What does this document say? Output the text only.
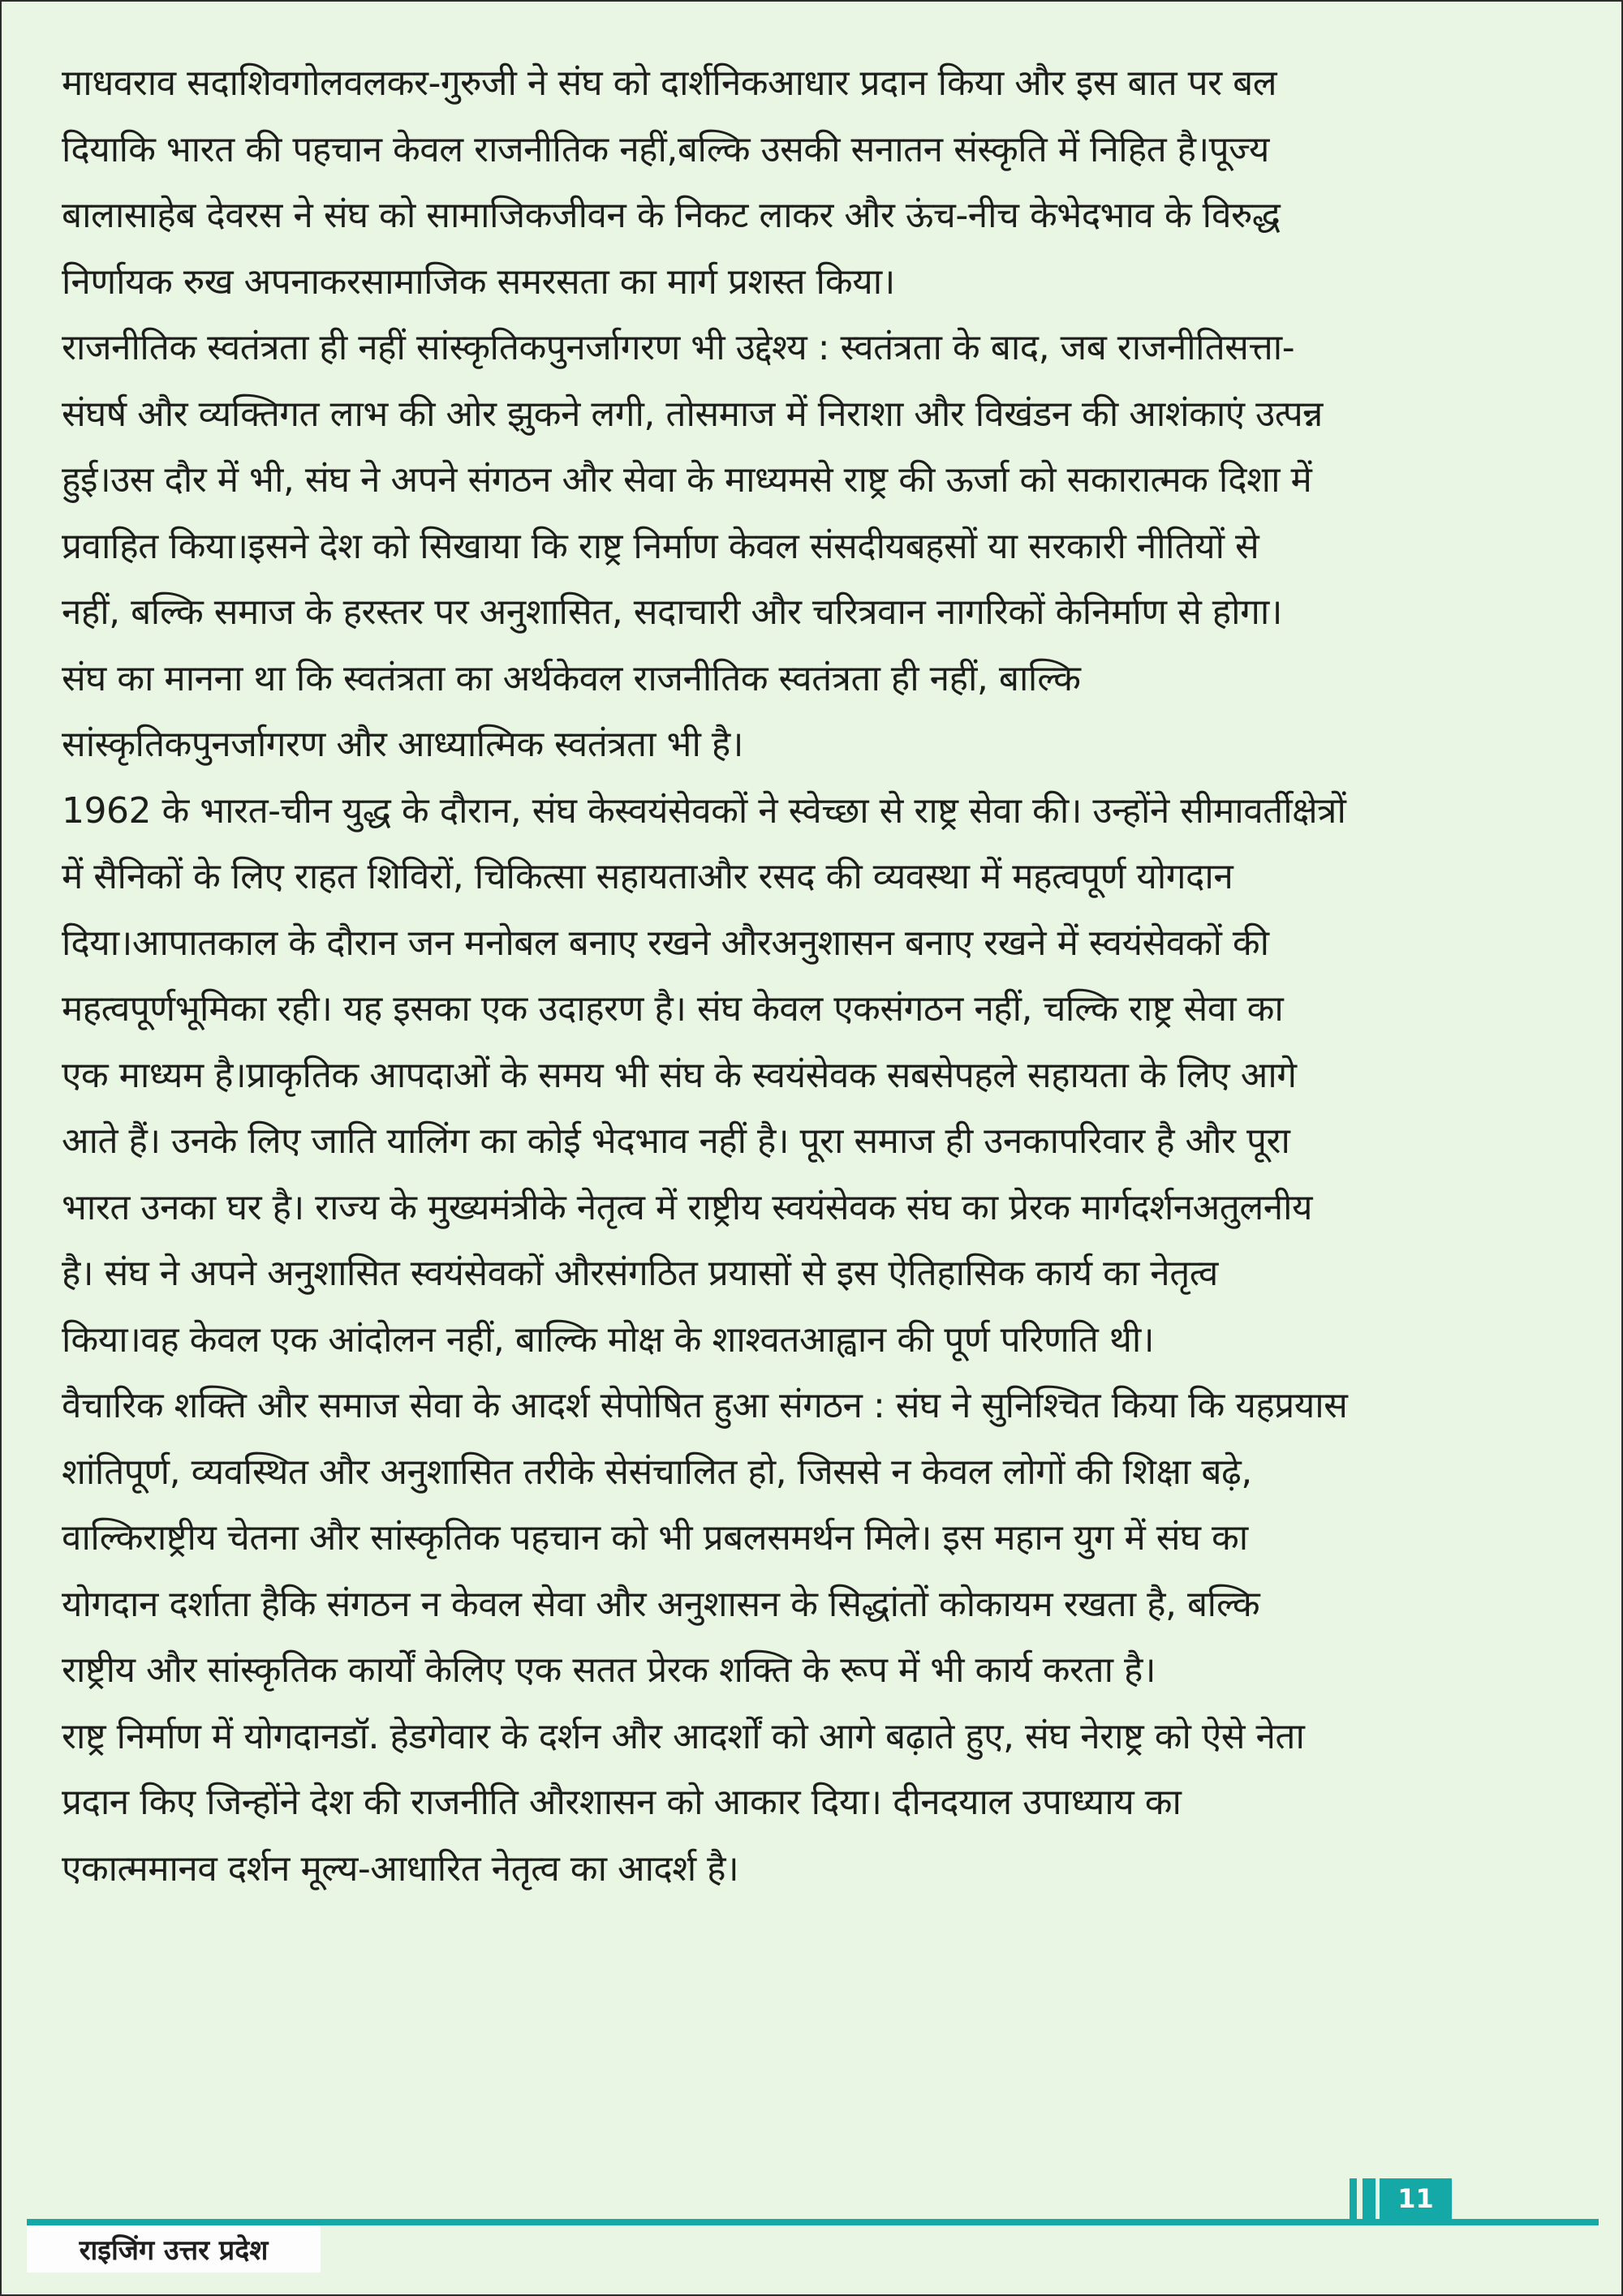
माधवराव सदाशिवगोलवलकर-गुरुजी ने संघ को दार्शनिकआधार प्रदान किया और इस बात पर बल
दियाकि भारत की पहचान केवल राजनीतिक नहीं,बल्कि उसकी सनातन संस्कृति में निहित है।पूज्य
बालासाहेब देवरस ने संघ को सामाजिकजीवन के निकट लाकर और ऊंच-नीच केभेदभाव के विरुद्ध
निर्णायक रुख अपनाकरसामाजिक समरसता का मार्ग प्रशस्त किया।
राजनीतिक स्वतंत्रता ही नहीं सांस्कृतिकपुनर्जागरण भी उद्देश्य : स्वतंत्रता के बाद, जब राजनीतिसत्ता-
संघर्ष और व्यक्तिगत लाभ की ओर झुकने लगी, तोसमाज में निराशा और विखंडन की आशंकाएं उत्पन्न
हुई।उस दौर में भी, संघ ने अपने संगठन और सेवा के माध्यमसे राष्ट्र की ऊर्जा को सकारात्मक दिशा में
प्रवाहित किया।इसने देश को सिखाया कि राष्ट्र निर्माण केवल संसदीयबहसों या सरकारी नीतियों से
नहीं, बल्कि समाज के हरस्तर पर अनुशासित, सदाचारी और चरित्रवान नागरिकों केनिर्माण से होगा।
संघ का मानना था कि स्वतंत्रता का अर्थकेवल राजनीतिक स्वतंत्रता ही नहीं, बाल्कि
सांस्कृतिकपुनर्जागरण और आध्यात्मिक स्वतंत्रता भी है।
1962 के भारत-चीन युद्ध के दौरान, संघ केस्वयंसेवकों ने स्वेच्छा से राष्ट्र सेवा की। उन्होंने सीमावर्तीक्षेत्रों
में सैनिकों के लिए राहत शिविरों, चिकित्सा सहायताऔर रसद की व्यवस्था में महत्वपूर्ण योगदान
दिया।आपातकाल के दौरान जन मनोबल बनाए रखने औरअनुशासन बनाए रखने में स्वयंसेवकों की
महत्वपूर्णभूमिका रही। यह इसका एक उदाहरण है। संघ केवल एकसंगठन नहीं, चल्कि राष्ट्र सेवा का
एक माध्यम है।प्राकृतिक आपदाओं के समय भी संघ के स्वयंसेवक सबसेपहले सहायता के लिए आगे
आते हैं। उनके लिए जाति यालिंग का कोई भेदभाव नहीं है। पूरा समाज ही उनकापरिवार है और पूरा
भारत उनका घर है। राज्य के मुख्यमंत्रीके नेतृत्व में राष्ट्रीय स्वयंसेवक संघ का प्रेरक मार्गदर्शनअतुलनीय
है। संघ ने अपने अनुशासित स्वयंसेवकों औरसंगठित प्रयासों से इस ऐतिहासिक कार्य का नेतृत्व
किया।वह केवल एक आंदोलन नहीं, बाल्कि मोक्ष के शाश्वतआह्वान की पूर्ण परिणति थी।
वैचारिक शक्ति और समाज सेवा के आदर्श सेपोषित हुआ संगठन : संघ ने सुनिश्चित किया कि यहप्रयास
शांतिपूर्ण, व्यवस्थित और अनुशासित तरीके सेसंचालित हो, जिससे न केवल लोगों की शिक्षा बढ़े,
वाल्किराष्ट्रीय चेतना और सांस्कृतिक पहचान को भी प्रबलसमर्थन मिले। इस महान युग में संघ का
योगदान दर्शाता हैकि संगठन न केवल सेवा और अनुशासन के सिद्धांतों कोकायम रखता है, बल्कि
राष्ट्रीय और सांस्कृतिक कार्यों केलिए एक सतत प्रेरक शक्ति के रूप में भी कार्य करता है।
राष्ट्र निर्माण में योगदानडॉ. हेडगेवार के दर्शन और आदर्शों को आगे बढ़ाते हुए, संघ नेराष्ट्र को ऐसे नेता
प्रदान किए जिन्होंने देश की राजनीति औरशासन को आकार दिया। दीनदयाल उपाध्याय का
एकात्ममानव दर्शन मूल्य-आधारित नेतृत्व का आदर्श है।
11
राइजिंग उत्तर प्रदेश
